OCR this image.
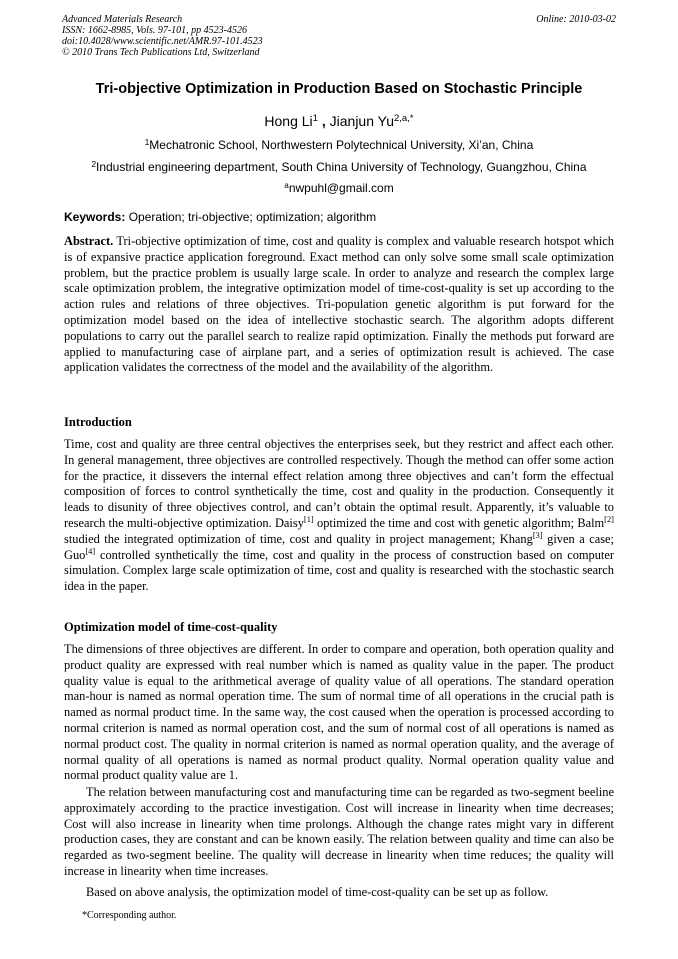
Advanced Materials Research
ISSN: 1662-8985, Vols. 97-101, pp 4523-4526
doi:10.4028/www.scientific.net/AMR.97-101.4523
© 2010 Trans Tech Publications Ltd, Switzerland
Online: 2010-03-02
Tri-objective Optimization in Production Based on Stochastic Principle
Hong Li$^1$ , Jianjun $Yu^{2,a,*}$
$^1$Mechatronic School, Northwestern Polytechnical University, Xi’an, China
$^2$Industrial engineering department, South China University of Technology, Guangzhou, China
$^a$nwpuhl@gmail.com
Keywords: Operation; tri-objective; optimization; algorithm
Abstract. Tri-objective optimization of time, cost and quality is complex and valuable research hotspot which is of expansive practice application foreground. Exact method can only solve some small scale optimization problem, but the practice problem is usually large scale. In order to analyze and research the complex large scale optimization problem, the integrative optimization model of time-cost-quality is set up according to the action rules and relations of three objectives. Tri-population genetic algorithm is put forward for the optimization model based on the idea of intellective stochastic search. The algorithm adopts different populations to carry out the parallel search to realize rapid optimization. Finally the methods put forward are applied to manufacturing case of airplane part, and a series of optimization result is achieved. The case application validates the correctness of the model and the availability of the algorithm.
Introduction
Time, cost and quality are three central objectives the enterprises seek, but they restrict and affect each other. In general management, three objectives are controlled respectively. Though the method can offer some action for the practice, it dissevers the internal effect relation among three objectives and can’t form the effectual composition of forces to control synthetically the time, cost and quality in the production. Consequently it leads to disunity of three objectives control, and can’t obtain the optimal result. Apparently, it’s valuable to research the multi-objective optimization. Daisy[1] optimized the time and cost with genetic algorithm; Balm[2] studied the integrated optimization of time, cost and quality in project management; Khang[3] given a case; Guo[4] controlled synthetically the time, cost and quality in the process of construction based on computer simulation. Complex large scale optimization of time, cost and quality is researched with the stochastic search idea in the paper.
Optimization model of time-cost-quality
The dimensions of three objectives are different. In order to compare and operation, both operation quality and product quality are expressed with real number which is named as quality value in the paper. The product quality value is equal to the arithmetical average of quality value of all operations. The standard operation man-hour is named as normal operation time. The sum of normal time of all operations in the crucial path is named as normal product time. In the same way, the cost caused when the operation is processed according to normal criterion is named as normal operation cost, and the sum of normal cost of all operations is named as normal product cost. The quality in normal criterion is named as normal operation quality, and the average of normal quality of all operations is named as normal product quality. Normal operation quality value and normal product quality value are 1.
The relation between manufacturing cost and manufacturing time can be regarded as two-segment beeline approximately according to the practice investigation. Cost will increase in linearity when time decreases; Cost will also increase in linearity when time prolongs. Although the change rates might vary in different production cases, they are constant and can be known easily. The relation between quality and time can also be regarded as two-segment beeline. The quality will decrease in linearity when time reduces; the quality will increase in linearity when time increases.
Based on above analysis, the optimization model of time-cost-quality can be set up as follow.
*Corresponding author.
